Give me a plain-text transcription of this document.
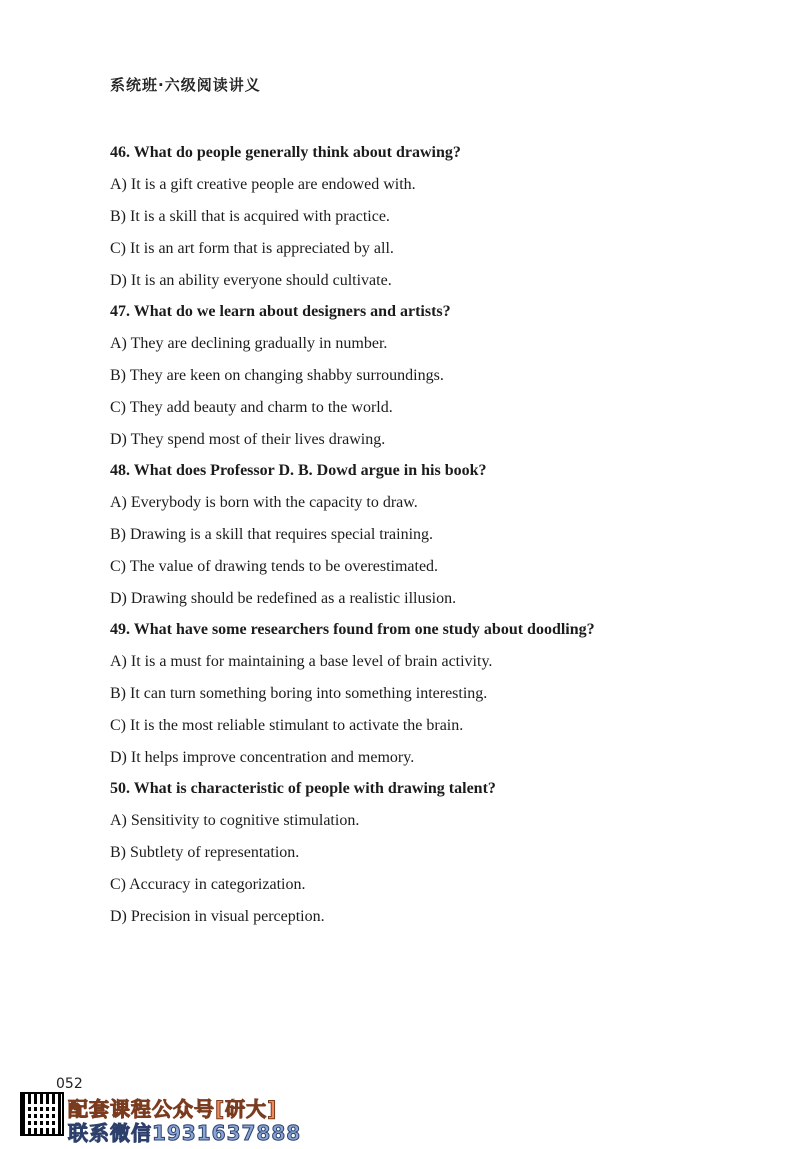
系统班·六级阅读讲义
46. What do people generally think about drawing?
A) It is a gift creative people are endowed with.
B) It is a skill that is acquired with practice.
C) It is an art form that is appreciated by all.
D) It is an ability everyone should cultivate.
47. What do we learn about designers and artists?
A) They are declining gradually in number.
B) They are keen on changing shabby surroundings.
C) They add beauty and charm to the world.
D) They spend most of their lives drawing.
48. What does Professor D. B. Dowd argue in his book?
A) Everybody is born with the capacity to draw.
B) Drawing is a skill that requires special training.
C) The value of drawing tends to be overestimated.
D) Drawing should be redefined as a realistic illusion.
49. What have some researchers found from one study about doodling?
A) It is a must for maintaining a base level of brain activity.
B) It can turn something boring into something interesting.
C) It is the most reliable stimulant to activate the brain.
D) It helps improve concentration and memory.
50. What is characteristic of people with drawing talent?
A) Sensitivity to cognitive stimulation.
B) Subtlety of representation.
C) Accuracy in categorization.
D) Precision in visual perception.
052
配套课程公众号[研大]
联系微信1931637888
